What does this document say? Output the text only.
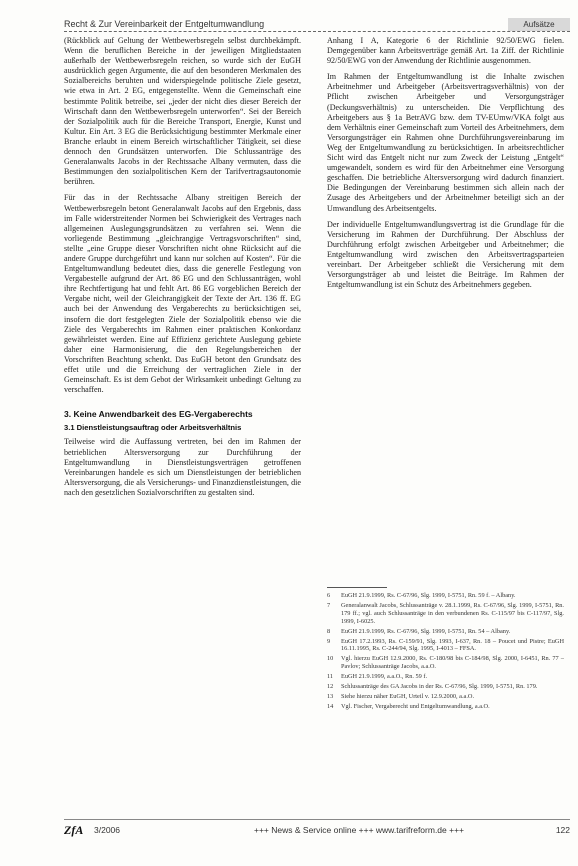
Recht & Zur Vereinbarkeit der Entgeltumwandlung	Aufsätze

(Rückblick auf Geltung der Wettbewerbsregeln selbst durchbekämpft. Wenn die beruflichen Bereiche in der jeweiligen Mitgliedstaaten außerhalb der Wettbewerbsregeln reichen, so wurde sich der EuGH ausdrücklich gegen Argumente, die auf den besonderen Merkmalen des Sozialbereichs beruhten und widerspiegelnde politische Ziele gesetzt, wie etwa in Art. 2 EG, entgegenstellte. Wenn die Gemeinschaft eine bestimmte Politik betreibe, sei „jeder der nicht dies dieser Bereich der Wirtschaft dann den Wettbewerbsregeln unterworfen“. Sei der Bereich der Sozialpolitik auch für die Bereiche Transport, Energie, Kunst und Kultur. Ein Art. 3 EG die Berücksichtigung bestimmter Merkmale einer Branche erlaubt in einem Bereich wirtschaftlicher Tätigkeit, sei diese dennoch den Grundsätzen unterworfen. Die Schlussanträge des Generalanwalts Jacobs in der Rechtssache Albany vermuten, dass die Bestimmungen den sozialpolitischen Kern der Tarifvertragsautonomie berühren.

Für das in der Rechtssache Albany streitigen Bereich der Wettbewerbsregeln betont Generalanwalt Jacobs auf den Ergebnis, dass im Falle widerstreitender Normen bei Schwierigkeit des Vertrages nach allgemeinen Auslegungsgrundsätzen zu verfahren sei. Wenn die vorliegende Bestimmung „gleichrangige Vertragsvorschriften“ sind, stellte „eine Gruppe dieser Vorschriften nicht ohne Rücksicht auf die andere Gruppe durchgeführt und kann nur solchen auf Kosten“. Für die Entgeltumwandlung bedeutet dies, dass die generelle Festlegung von Vergabestelle aufgrund der Art. 86 EG und den Schlussanträgen, wohl ihre Rechtfertigung hat und fehlt Art. 86 EG vorgeblichen Bereich der Vergabe nicht, weil der Gleichrangigkeit der Texte der Art. 136 ff. EG auch bei der Anwendung des Vergaberechts zu berücksichtigen sei, insofern die dort festgelegten Ziele der Sozialpolitik ebenso wie die Ziele des Vergaberechts im Rahmen einer praktischen Konkordanz gewährleistet werden. Eine auf Effizienz gerichtete Auslegung gebiete daher eine Harmonisierung, die den Regelungsbereichen der Vorschriften Beachtung schenkt. Das EuGH betont den Grundsatz des effet utile und die Erreichung der vertraglichen Ziele in der Gemeinschaft. Es ist dem Gebot der Wirksamkeit unbedingt Geltung zu verschaffen.

3. Keine Anwendbarkeit des EG-Vergaberechts
3.1 Dienstleistungsauftrag oder Arbeitsverhältnis

Teilweise wird die Auffassung vertreten, bei den im Rahmen der betrieblichen Altersversorgung zur Durchführung der Entgeltumwandlung in Dienstleistungsverträgen getroffenen Vereinbarungen handele es sich um Dienstleistungen der betrieblichen Altersversorgung, die als Versicherungs- und Finanzdienstleistungen, die nach den gesetzlichen Sozialvorschriften zu gestalten sind.

Anhang I A, Kategorie 6 der Richtlinie 92/50/EWG fielen. Demgegenüber kann Arbeitsverträge gemäß Art. 1a Ziff. der Richtlinie 92/50/EWG von der Anwendung der Richtlinie ausgenommen.

Im Rahmen der Entgeltumwandlung ist die Inhalte zwischen Arbeitnehmer und Arbeitgeber (Arbeitsvertragsverhältnis) von der Pflicht zwischen Arbeitgeber und Versorgungsträger (Deckungsverhältnis) zu unterscheiden. Die Verpflichtung des Arbeitgebers aus § 1a BetrAVG bzw. dem TV-EUmw/VKA folgt aus dem Verhältnis einer Gemeinschaft zum Vorteil des Arbeitnehmers, dem Versorgungsträger ein Rahmen ohne Durchführungsvereinbarung im Weg der Entgeltumwandlung zu berücksichtigen. In arbeitsrechtlicher Sicht wird das Entgelt nicht nur zum Zweck der Leistung „Entgelt“ umgewandelt, sondern es wird für den Arbeitnehmer eine Versorgung geschaffen. Die betriebliche Altersversorgung wird dadurch finanziert. Die Bedingungen der Vereinbarung bestimmen sich allein nach der Zusage des Arbeitgebers und der Arbeitnehmer beteiligt sich an der Umwandlung des Arbeitsentgelts.

Der individuelle Entgeltumwandlungsvertrag ist die Grundlage für die Versicherung im Rahmen der Durchführung. Der Abschluss der Durchführung erfolgt zwischen Arbeitgeber und Arbeitnehmer; die Entgeltumwandlung wird zwischen den Arbeitsvertragsparteien vereinbart. Der Arbeitgeber schließt die Versicherung mit dem Versorgungsträger ab und leistet die Beiträge. Im Rahmen der Entgeltumwandlung ist ein Schutz des Arbeitnehmers gegeben.

6	EuGH 21.9.1999, Rs. C-67/96, Slg. 1999, I-5751, Rn. 59 f. – Albany.
7	Generalanwalt Jacobs, Schlussanträge v. 28.1.1999, Rs. C-67/96, Slg. 1999, I-5751, Rn. 179 ff.; vgl. auch Schlussanträge in den verbundenen Rs. C-115/97 bis C-117/97, Slg. 1999, I-6025.
8	EuGH 21.9.1999, Rs. C-67/96, Slg. 1999, I-5751, Rn. 54 – Albany.
9	EuGH 17.2.1993, Rs. C-159/91, Slg. 1993, I-637, Rn. 18 – Poucet und Pistre; EuGH 16.11.1995, Rs. C-244/94, Slg. 1995, I-4013 – FFSA.
10	Vgl. hierzu EuGH 12.9.2000, Rs. C-180/98 bis C-184/98, Slg. 2000, I-6451, Rn. 77 – Pavlov; Schlussanträge Jacobs, a.a.O.
11	EuGH 21.9.1999, a.a.O., Rn. 59 f.
12	Schlussanträge des GA Jacobs in der Rs. C-67/96, Slg. 1999, I-5751, Rn. 179.
13	Siehe hierzu näher EuGH, Urteil v. 12.9.2000, a.a.O.
14	Vgl. Fischer, Vergaberecht und Entgeltumwandlung, a.a.O.
ZfA 3/2006	+++ News & Service online +++ www.tarifreform.de +++	122
